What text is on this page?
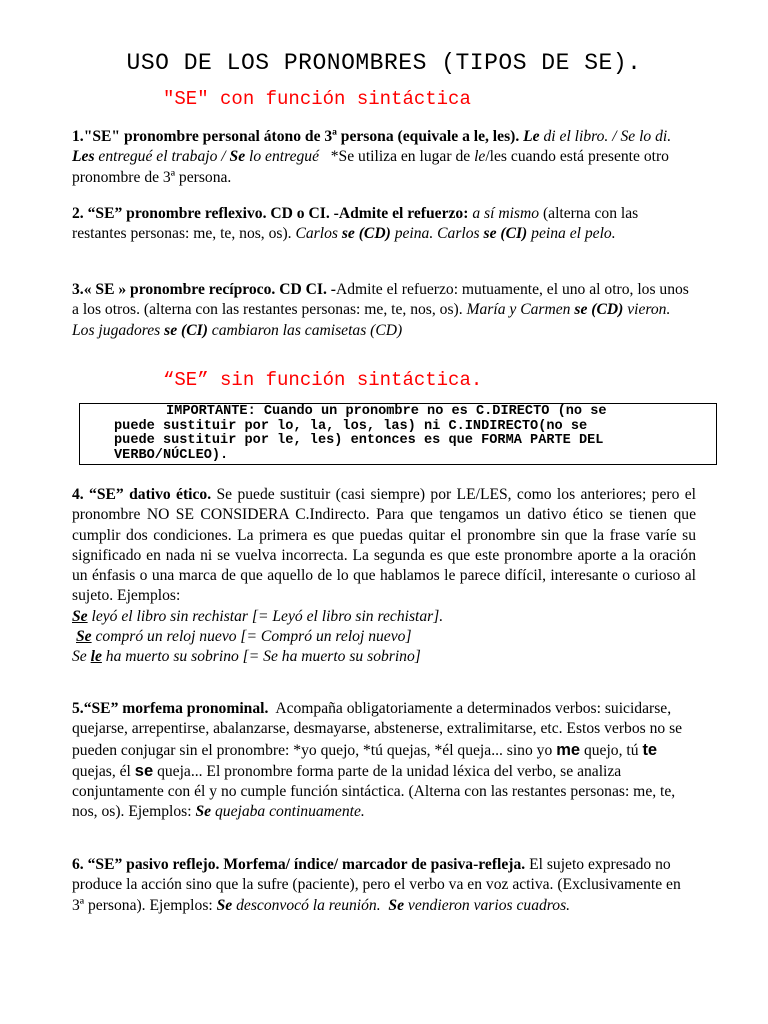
USO DE LOS PRONOMBRES (TIPOS DE SE).
"SE" con función sintáctica
1."SE" pronombre personal átono de 3ª persona (equivale a le, les). Le di el libro. / Se lo di. Les entregué el trabajo / Se lo entregué *Se utiliza en lugar de le/les cuando está presente otro pronombre de 3ª persona.
2. “SE” pronombre reflexivo. CD o CI. -Admite el refuerzo: a sí mismo (alterna con las restantes personas: me, te, nos, os). Carlos se (CD) peina. Carlos se (CI) peina el pelo.
3.« SE » pronombre recíproco. CD CI. -Admite el refuerzo: mutuamente, el uno al otro, los unos a los otros. (alterna con las restantes personas: me, te, nos, os). María y Carmen se (CD) vieron. Los jugadores se (CI) cambiaron las camisetas (CD)
“SE” sin función sintáctica.
IMPORTANTE: Cuando un pronombre no es C.DIRECTO (no se
puede sustituir por lo, la, los, las) ni C.INDIRECTO(no se
puede sustituir por le, les) entonces es que FORMA PARTE DEL
VERBO/NÚCLEO).
4. “SE” dativo ético. Se puede sustituir (casi siempre) por LE/LES, como los anteriores; pero el pronombre NO SE CONSIDERA C.Indirecto. Para que tengamos un dativo ético se tienen que cumplir dos condiciones. La primera es que puedas quitar el pronombre sin que la frase varíe su significado en nada ni se vuelva incorrecta. La segunda es que este pronombre aporte a la oración un énfasis o una marca de que aquello de lo que hablamos le parece difícil, interesante o curioso al sujeto. Ejemplos:
Se leyó el libro sin rechistar [= Leyó el libro sin rechistar].
Se compró un reloj nuevo [= Compró un reloj nuevo]
Se le ha muerto su sobrino [= Se ha muerto su sobrino]
5.“SE” morfema pronominal. Acompaña obligatoriamente a determinados verbos: suicidarse, quejarse, arrepentirse, abalanzarse, desmayarse, abstenerse, extralimitarse, etc. Estos verbos no se pueden conjugar sin el pronombre: *yo quejo, *tú quejas, *él queja... sino yo me quejo, tú te quejas, él se queja... El pronombre forma parte de la unidad léxica del verbo, se analiza conjuntamente con él y no cumple función sintáctica. (Alterna con las restantes personas: me, te, nos, os). Ejemplos: Se quejaba continuamente.
6. “SE” pasivo reflejo. Morfema/ índice/ marcador de pasiva-refleja. El sujeto expresado no produce la acción sino que la sufre (paciente), pero el verbo va en voz activa. (Exclusivamente en 3ª persona). Ejemplos: Se desconvocó la reunión. Se vendieron varios cuadros.
